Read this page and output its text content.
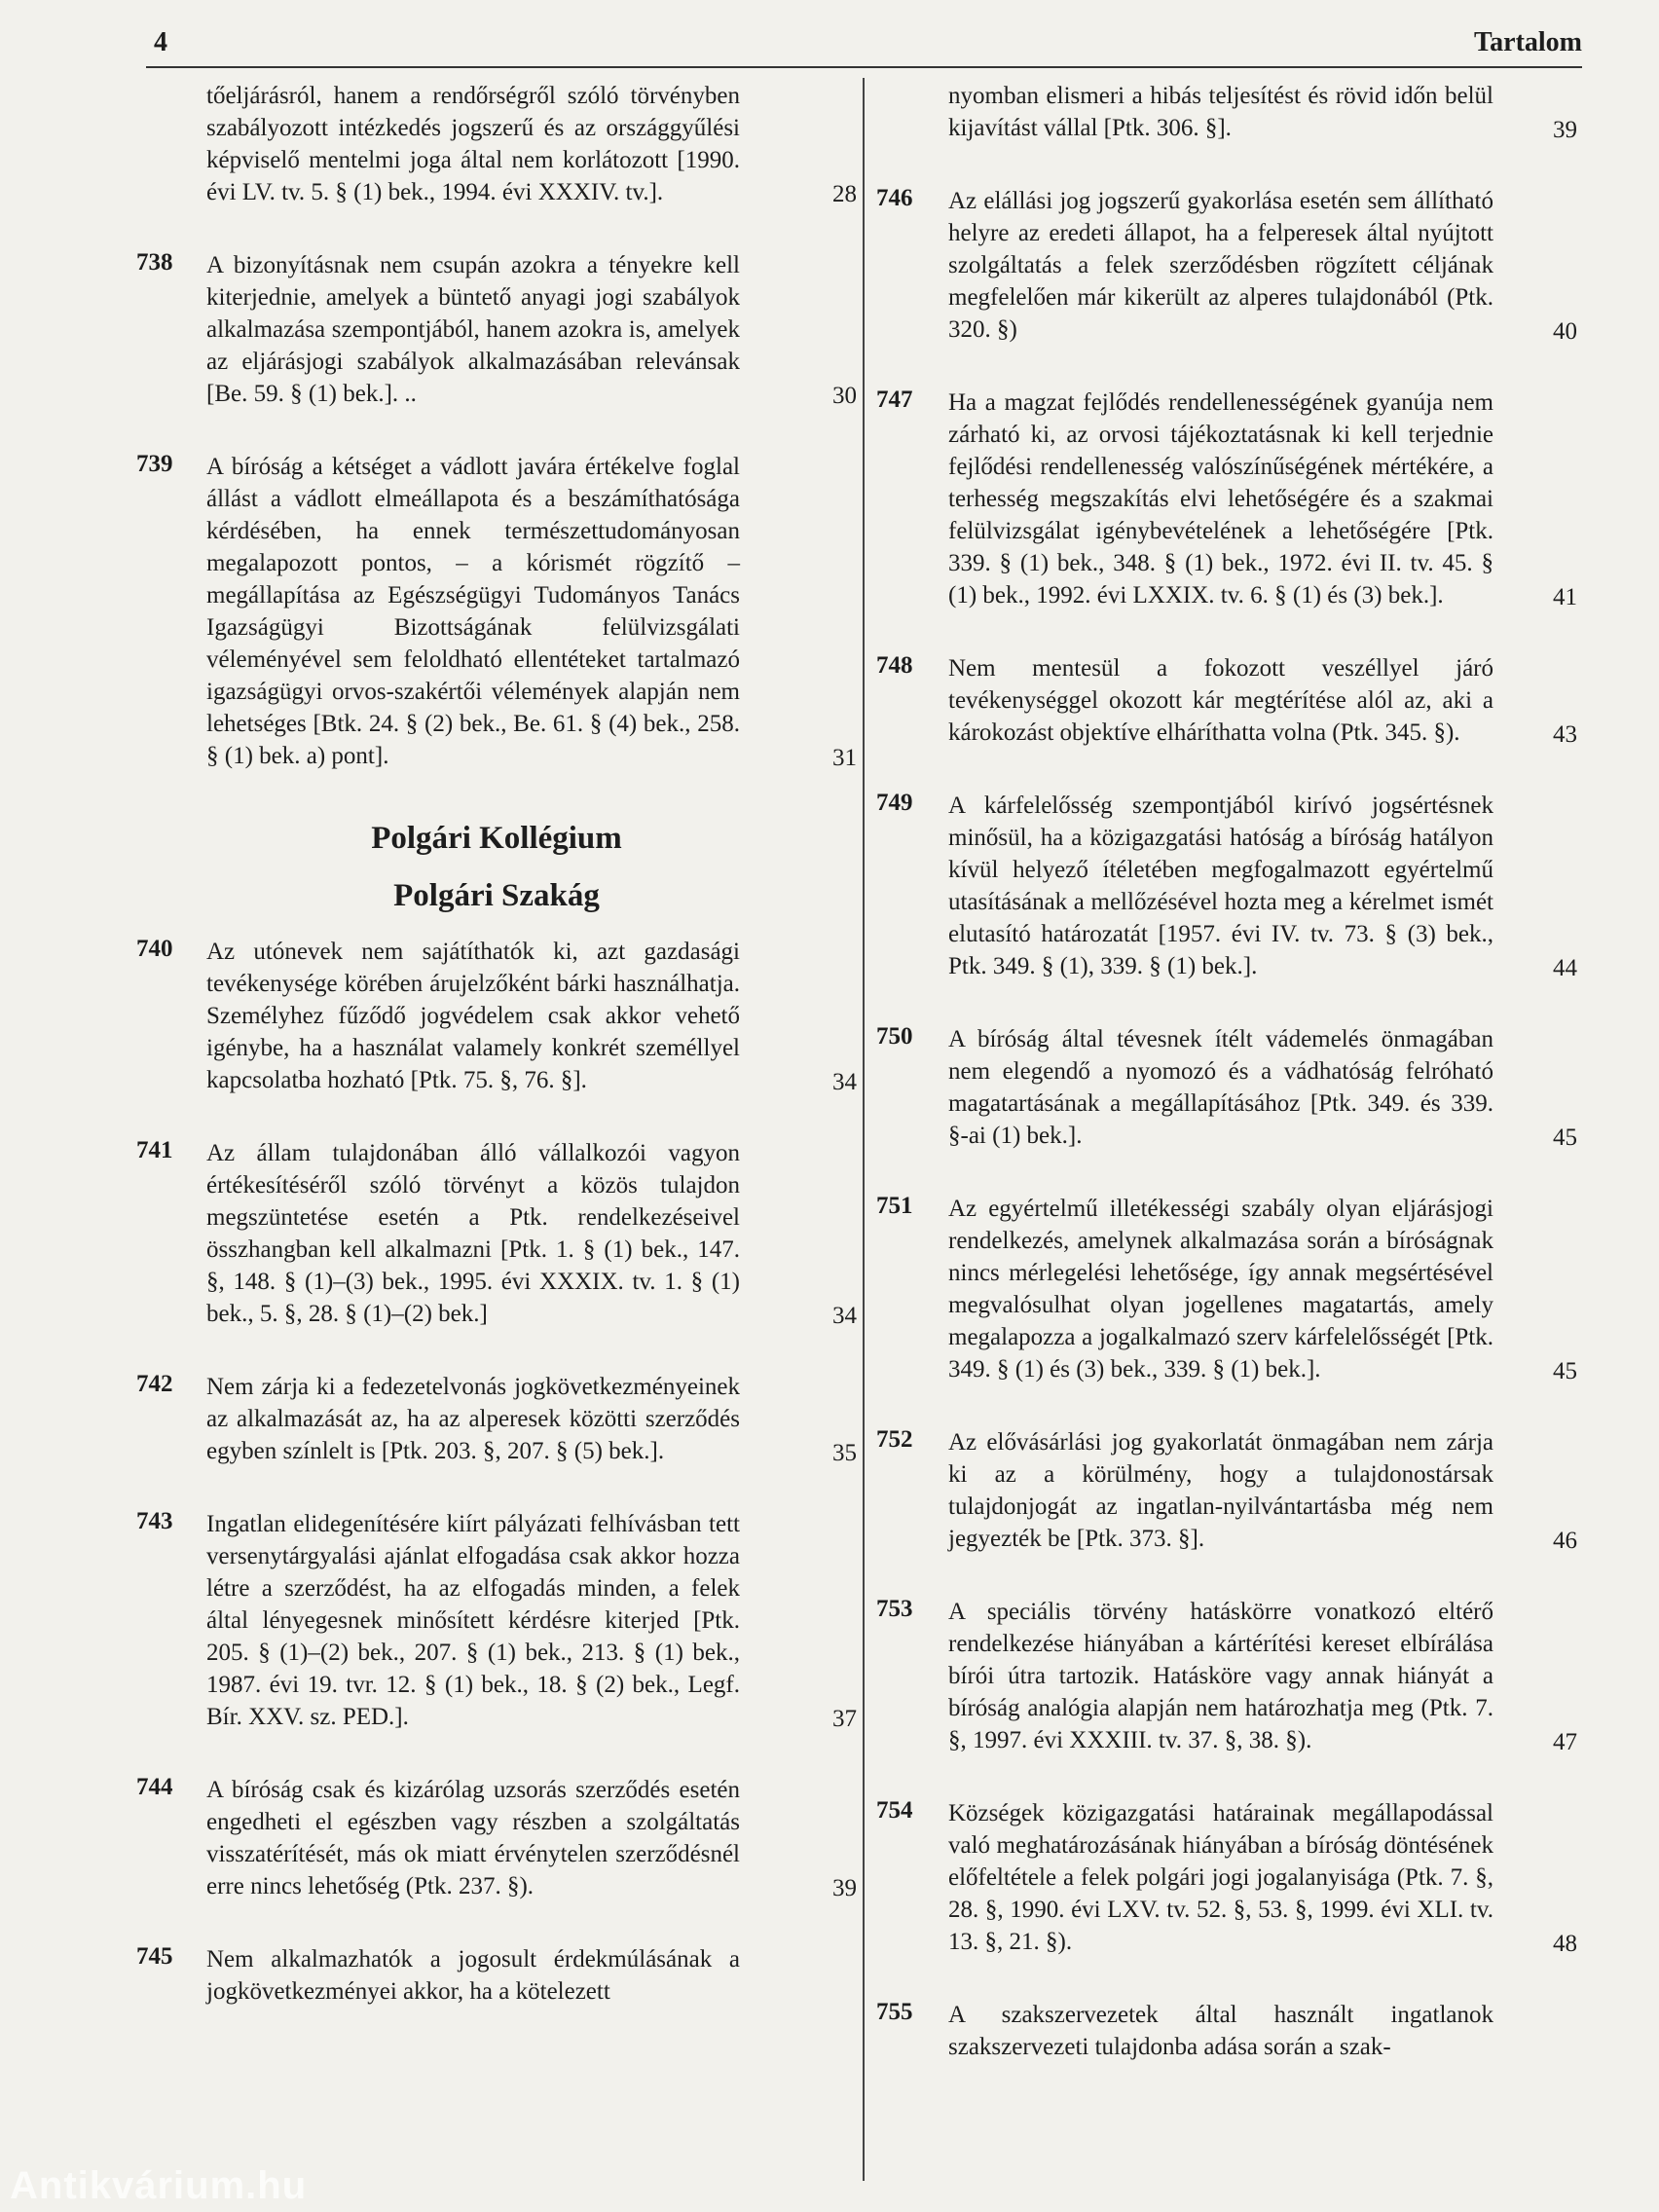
4	Tartalom
tőeljárásról, hanem a rendőrségről szóló törvényben szabályozott intézkedés jogszerű és az országgyűlési képviselő mentelmi joga által nem korlátozott [1990. évi LV. tv. 5. § (1) bek., 1994. évi XXXIV. tv.].	28
738	A bizonyításnak nem csupán azokra a tényekre kell kiterjednie, amelyek a büntető anyagi jogi szabályok alkalmazása szempontjából, hanem azokra is, amelyek az eljárásjogi szabályok alkalmazásában relevánsak [Be. 59. § (1) bek.]. ..	30
739	A bíróság a kétséget a vádlott javára értékelve foglal állást a vádlott elmeállapota és a beszámíthatósága kérdésében, ha ennek természettudományosan megalapozott pontos, – a kórismét rögzítő – megállapítása az Egészségügyi Tudományos Tanács Igazságügyi Bizottságának felülvizsgálati véleményével sem feloldható ellentéteket tartalmazó igazságügyi orvos-szakértői vélemények alapján nem lehetséges [Btk. 24. § (2) bek., Be. 61. § (4) bek., 258. § (1) bek. a) pont].	31
Polgári Kollégium
Polgári Szakág
740	Az utónevek nem sajátíthatók ki, azt gazdasági tevékenysége körében árujelzőként bárki használhatja. Személyhez fűződő jogvédelem csak akkor vehető igénybe, ha a használat valamely konkrét személlyel kapcsolatba hozható [Ptk. 75. §, 76. §].	34
741	Az állam tulajdonában álló vállalkozói vagyon értékesítéséről szóló törvényt a közös tulajdon megszüntetése esetén a Ptk. rendelkezéseivel összhangban kell alkalmazni [Ptk. 1. § (1) bek., 147. §, 148. § (1)–(3) bek., 1995. évi XXXIX. tv. 1. § (1) bek., 5. §, 28. § (1)–(2) bek.]	34
742	Nem zárja ki a fedezetelvonás jogkövetkezményeinek az alkalmazását az, ha az alperesek közötti szerződés egyben színlelt is [Ptk. 203. §, 207. § (5) bek.].	35
743	Ingatlan elidegenítésére kiírt pályázati felhívásban tett versenytárgyalási ajánlat elfogadása csak akkor hozza létre a szerződést, ha az elfogadás minden, a felek által lényegesnek minősített kérdésre kiterjed [Ptk. 205. § (1)–(2) bek., 207. § (1) bek., 213. § (1) bek., 1987. évi 19. tvr. 12. § (1) bek., 18. § (2) bek., Legf. Bír. XXV. sz. PED.].	37
744	A bíróság csak és kizárólag uzsorás szerződés esetén engedheti el egészben vagy részben a szolgáltatás visszatérítését, más ok miatt érvénytelen szerződésnél erre nincs lehetőség (Ptk. 237. §).	39
745	Nem alkalmazhatók a jogosult érdekmúlásának a jogkövetkezményei akkor, ha a kötelezett
nyomban elismeri a hibás teljesítést és rövid időn belül kijavítást vállal [Ptk. 306. §].	39
746	Az elállási jog jogszerű gyakorlása esetén sem állítható helyre az eredeti állapot, ha a felperesek által nyújtott szolgáltatás a felek szerződésben rögzített céljának megfelelően már kikerült az alperes tulajdonából (Ptk. 320. §)	40
747	Ha a magzat fejlődés rendellenességének gyanúja nem zárható ki, az orvosi tájékoztatásnak ki kell terjednie fejlődési rendellenesség valószínűségének mértékére, a terhesség megszakítás elvi lehetőségére és a szakmai felülvizsgálat igénybevételének a lehetőségére [Ptk. 339. § (1) bek., 348. § (1) bek., 1972. évi II. tv. 45. § (1) bek., 1992. évi LXXIX. tv. 6. § (1) és (3) bek.].	41
748	Nem mentesül a fokozott veszéllyel járó tevékenységgel okozott kár megtérítése alól az, aki a károkozást objektíve elháríthatta volna (Ptk. 345. §).	43
749	A kárfelelősség szempontjából kirívó jogsértésnek minősül, ha a közigazgatási hatóság a bíróság hatályon kívül helyező ítéletében megfogalmazott egyértelmű utasításának a mellőzésével hozta meg a kérelmet ismét elutasító határozatát [1957. évi IV. tv. 73. § (3) bek., Ptk. 349. § (1), 339. § (1) bek.].	44
750	A bíróság által tévesnek ítélt vádemelés önmagában nem elegendő a nyomozó és a vádhatóság felróható magatartásának a megállapításához [Ptk. 349. és 339. §-ai (1) bek.].	45
751	Az egyértelmű illetékességi szabály olyan eljárásjogi rendelkezés, amelynek alkalmazása során a bíróságnak nincs mérlegelési lehetősége, így annak megsértésével megvalósulhat olyan jogellenes magatartás, amely megalapozza a jogalkalmazó szerv kárfelelősségét [Ptk. 349. § (1) és (3) bek., 339. § (1) bek.].	45
752	Az elővásárlási jog gyakorlatát önmagában nem zárja ki az a körülmény, hogy a tulajdonostársak tulajdonjogát az ingatlan-nyilvántartásba még nem jegyezték be [Ptk. 373. §].	46
753	A speciális törvény hatáskörre vonatkozó eltérő rendelkezése hiányában a kártérítési kereset elbírálása bírói útra tartozik. Hatásköre vagy annak hiányát a bíróság analógia alapján nem határozhatja meg (Ptk. 7. §, 1997. évi XXXIII. tv. 37. §, 38. §).	47
754	Községek közigazgatási határainak megállapodással való meghatározásának hiányában a bíróság döntésének előfeltétele a felek polgári jogi jogalanyisága (Ptk. 7. §, 28. §, 1990. évi LXV. tv. 52. §, 53. §, 1999. évi XLI. tv. 13. §, 21. §).	48
755	A szakszervezetek által használt ingatlanok szakszervezeti tulajdonba adása során a szak-
Antikvárium.hu
